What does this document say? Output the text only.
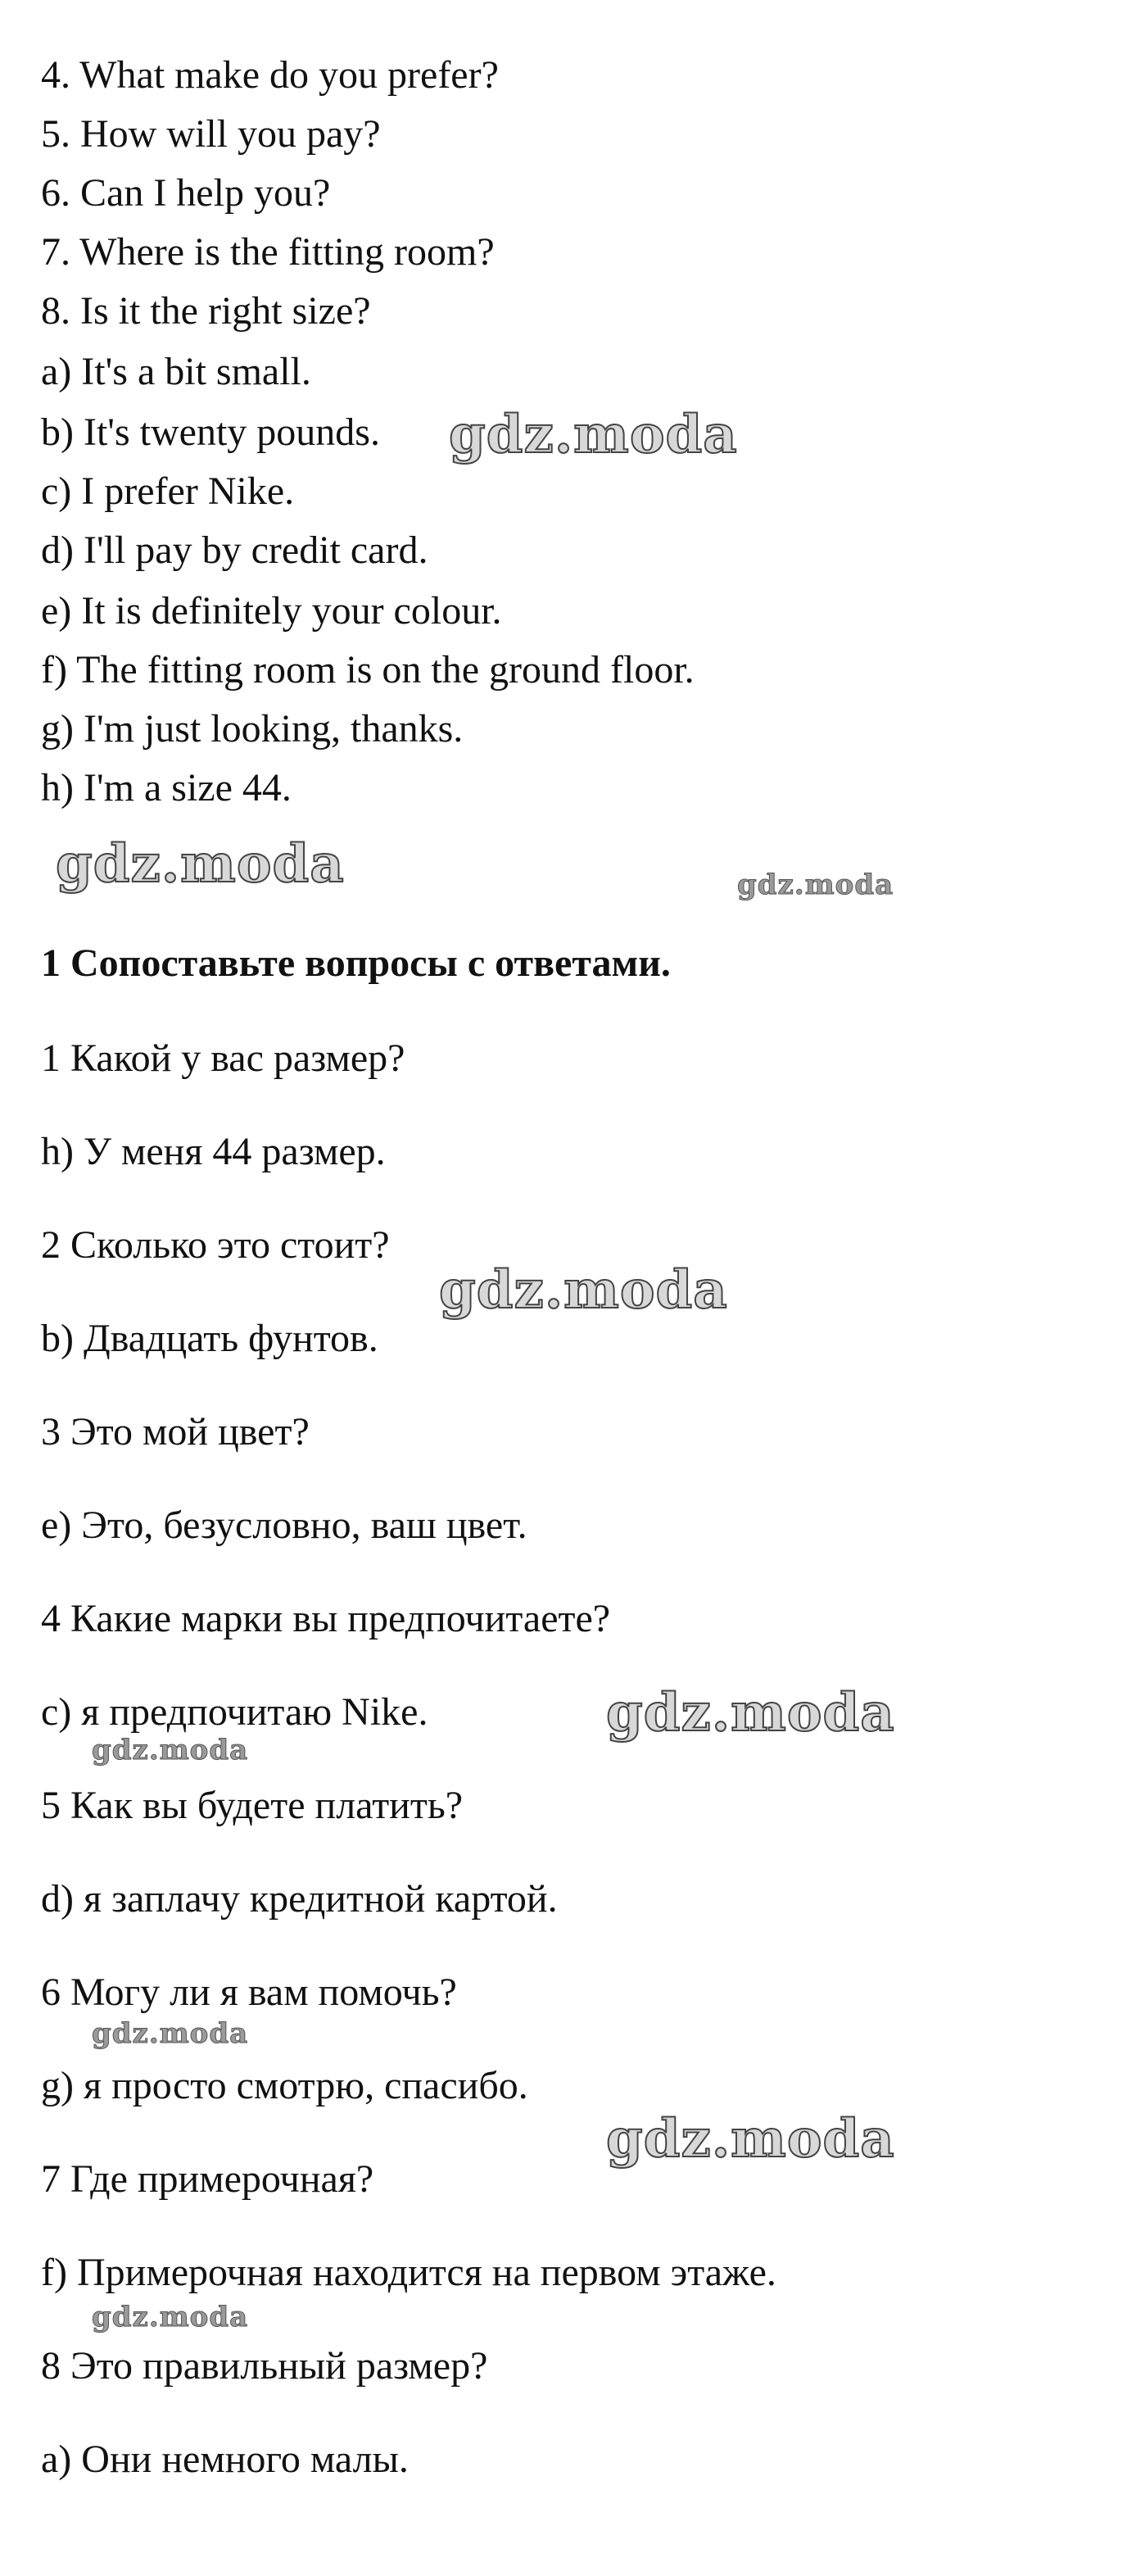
4. What make do you prefer?
5. How will you pay?
6. Can I help you?
7. Where is the fitting room?
8. Is it the right size?
a) It's a bit small.
b) It's twenty pounds.
c) I prefer Nike.
d) I'll pay by credit card.
e) It is definitely your colour.
f) The fitting room is on the ground floor.
g) I'm just looking, thanks.
h) I'm a size 44.
1 Сопоставьте вопросы с ответами.
1 Какой у вас размер?
h) У меня 44 размер.
2 Сколько это стоит?
b) Двадцать фунтов.
3 Это мой цвет?
e) Это, безусловно, ваш цвет.
4 Какие марки вы предпочитаете?
c) я предпочитаю Nike.
5 Как вы будете платить?
d) я заплачу кредитной картой.
6 Могу ли я вам помочь?
g) я просто смотрю, спасибо.
7 Где примерочная?
f) Примерочная находится на первом этаже.
8 Это правильный размер?
a) Они немного малы.
gdz.moda
gdz.moda	gdz.moda
gdz.moda
gdz.moda
gdz.moda
gdz.moda
gdz.moda
gdz.moda
